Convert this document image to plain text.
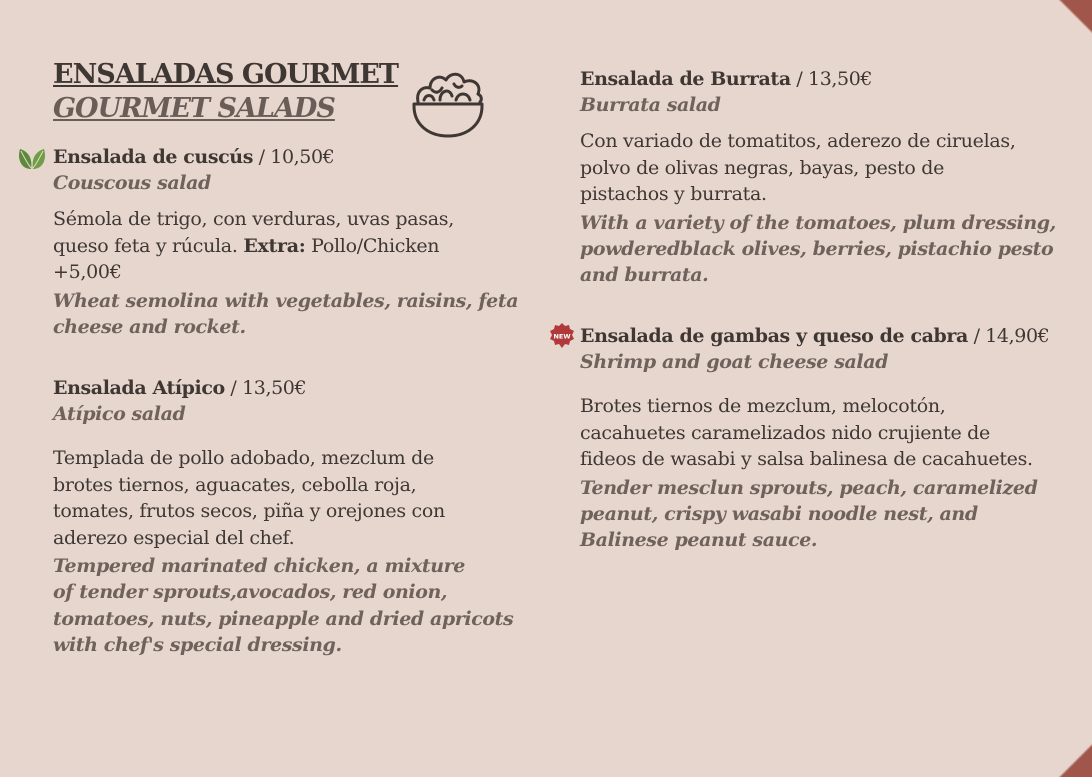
ENSALADAS GOURMET
GOURMET SALADS
NEW
Ensalada de cuscús / 10,50€
Couscous salad
Sémola de trigo, con verduras, uvas pasas,
queso feta y rúcula. Extra: Pollo/Chicken
+5,00€
Wheat semolina with vegetables, raisins, feta
cheese and rocket.
Ensalada Atípico / 13,50€
Atípico salad
Templada de pollo adobado, mezclum de
brotes tiernos, aguacates, cebolla roja,
tomates, frutos secos, piña y orejones con
aderezo especial del chef.
Tempered marinated chicken, a mixture
of tender sprouts,avocados, red onion,
tomatoes, nuts, pineapple and dried apricots
with chef's special dressing.
Ensalada de Burrata / 13,50€
Burrata salad
Con variado de tomatitos, aderezo de ciruelas,
polvo de olivas negras, bayas, pesto de
pistachos y burrata.
With a variety of the tomatoes, plum dressing,
powderedblack olives, berries, pistachio pesto
and burrata.
Ensalada de gambas y queso de cabra / 14,90€
Shrimp and goat cheese salad
Brotes tiernos de mezclum, melocotón,
cacahuetes caramelizados nido crujiente de
fideos de wasabi y salsa balinesa de cacahuetes.
Tender mesclun sprouts, peach, caramelized
peanut, crispy wasabi noodle nest, and
Balinese peanut sauce.
